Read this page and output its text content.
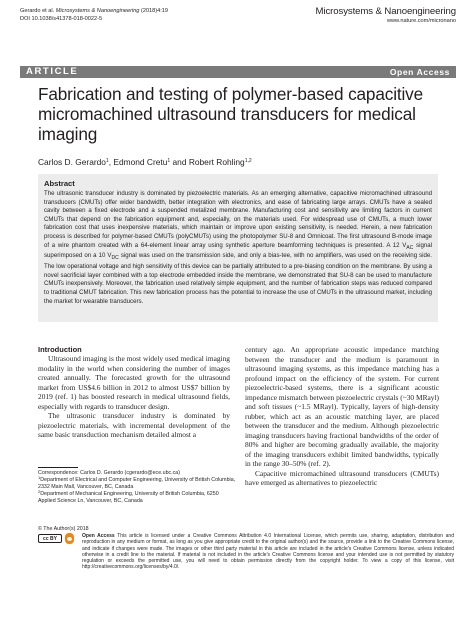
Gerardo et al. Microsystems & Nanoengineering (2018)4:19
DOI 10.1038/s41378-018-0022-5
Microsystems & Nanoengineering
www.nature.com/micronano
ARTICLE	Open Access
Fabrication and testing of polymer-based capacitive micromachined ultrasound transducers for medical imaging
Carlos D. Gerardo$^1$, Edmond Cretu$^1$ and Robert Rohling$^{1,2}$
Abstract
The ultrasonic transducer industry is dominated by piezoelectric materials. As an emerging alternative, capacitive micromachined ultrasound transducers (CMUTs) offer wider bandwidth, better integration with electronics, and ease of fabricating large arrays. CMUTs have a sealed cavity between a fixed electrode and a suspended metalized membrane. Manufacturing cost and sensitivity are limiting factors in current CMUTs that depend on the fabrication equipment and, especially, on the materials used. For widespread use of CMUTs, a much lower fabrication cost that uses inexpensive materials, which maintain or improve upon existing sensitivity, is needed. Herein, a new fabrication process is described for polymer-based CMUTs (polyCMUTs) using the photopolymer SU-8 and Omnicoat. The first ultrasound B-mode image of a wire phantom created with a 64-element linear array using synthetic aperture beamforming techniques is presented. A 12 $V_{AC}$ signal superimposed on a 10 $V_{DC}$ signal was used on the transmission side, and only a bias-tee, with no amplifiers, was used on the receiving side. The low operational voltage and high sensitivity of this device can be partially attributed to a pre-biasing condition on the membrane. By using a novel sacrificial layer combined with a top electrode embedded inside the membrane, we demonstrated that SU-8 can be used to manufacture CMUTs inexpensively. Moreover, the fabrication used relatively simple equipment, and the number of fabrication steps was reduced compared to traditional CMUT fabrication. This new fabrication process has the potential to increase the use of CMUTs in the ultrasound market, including the market for wearable transducers.
Introduction
Ultrasound imaging is the most widely used medical imaging modality in the world when considering the number of images created annually. The forecasted growth for the ultrasound market from US$4.6 billion in 2012 to almost US$7 billion by 2019 (ref. 1) has boosted research in medical ultrasound fields, especially with regards to transducer design.
The ultrasonic transducer industry is dominated by piezoelectric materials, with incremental development of the same basic transduction mechanism detailed almost a
century ago. An appropriate acoustic impedance matching between the transducer and the medium is paramount in ultrasound imaging systems, as this impedance matching has a profound impact on the efficiency of the system. For current piezoelectric-based systems, there is a significant acoustic impedance mismatch between piezoelectric crystals (~30 MRayl) and soft tissues (~1.5 MRayl). Typically, layers of high-density rubber, which act as an acoustic matching layer, are placed between the transducer and the medium. Although piezoelectric imaging transducers having fractional bandwidths of the order of 80% and higher are becoming gradually available, the majority of the imaging transducers exhibit limited bandwidths, typically in the range 30–50% (ref. 2).
Capacitive micromachined ultrasound transducers (CMUTs) have emerged as alternatives to piezoelectric
Correspondence: Carlos D. Gerardo (cgerardo@ece.ubc.ca)
$^1$Department of Electrical and Computer Engineering, University of British Columbia, 2332 Main Mall, Vancouver, BC, Canada
$^2$Department of Mechanical Engineering, University of British Columbia, 6250 Applied Science Ln, Vancouver, BC, Canada
© The Author(s) 2018
cc BY	Open Access This article is licensed under a Creative Commons Attribution 4.0 International License, which permits use, sharing, adaptation, distribution and reproduction in any medium or format, as long as you give appropriate credit to the original author(s) and the source, provide a link to the Creative Commons license, and indicate if changes were made. The images or other third party material in this article are included in the article's Creative Commons license, unless indicated otherwise in a credit line to the material. If material is not included in the article's Creative Commons license and your intended use is not permitted by statutory regulation or exceeds the permitted use, you will need to obtain permission directly from the copyright holder. To view a copy of this license, visit http://creativecommons.org/licenses/by/4.0/.
